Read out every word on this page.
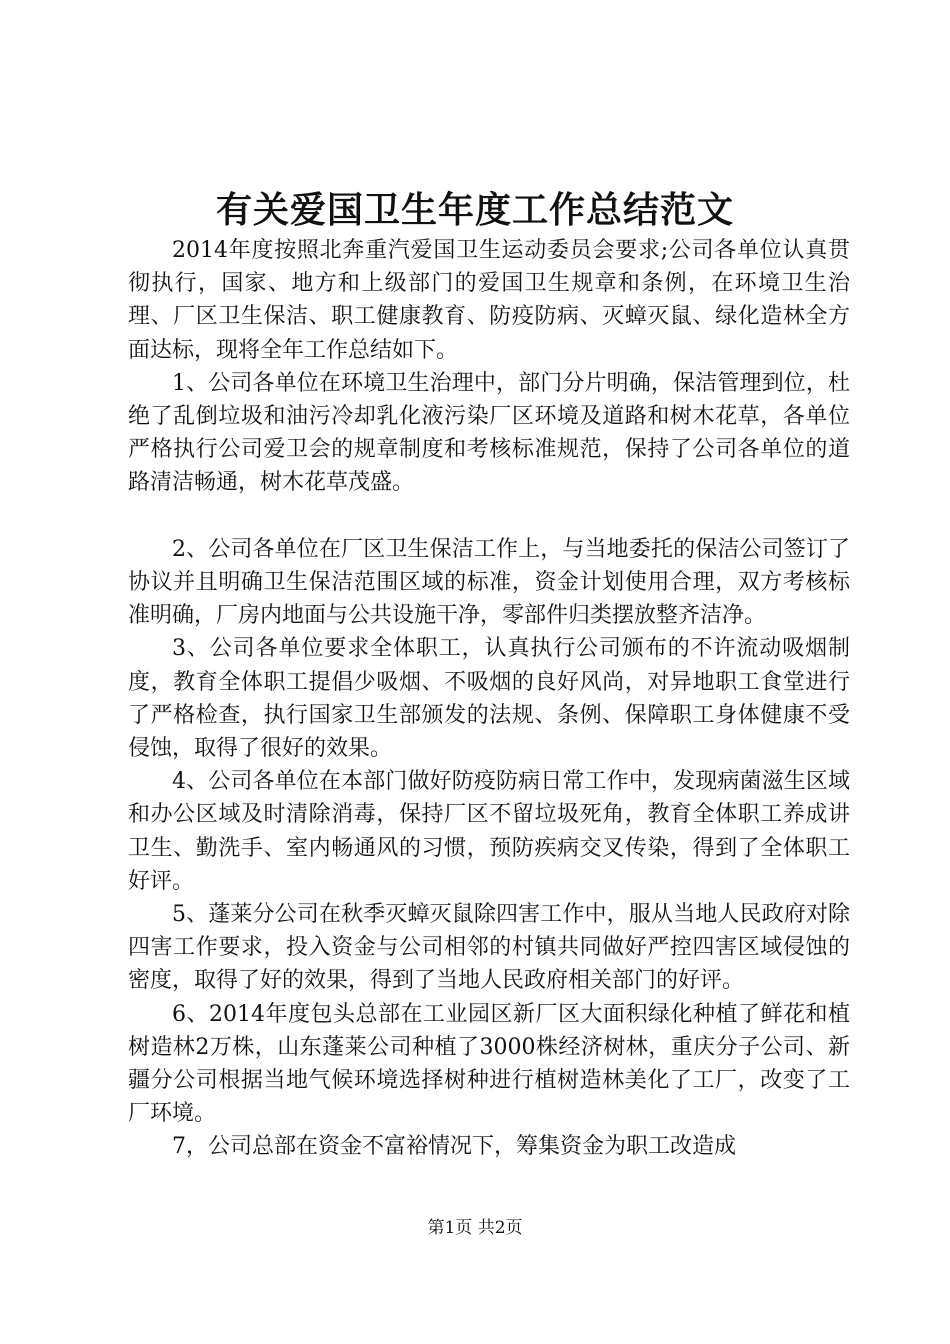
有关爱国卫生年度工作总结范文

2014年度按照北奔重汽爱国卫生运动委员会要求;公司各单位认真贯彻执行，国家、地方和上级部门的爱国卫生规章和条例，在环境卫生治理、厂区卫生保洁、职工健康教育、防疫防病、灭蟑灭鼠、绿化造林全方面达标，现将全年工作总结如下。

1、公司各单位在环境卫生治理中，部门分片明确，保洁管理到位，杜绝了乱倒垃圾和油污冷却乳化液污染厂区环境及道路和树木花草，各单位严格执行公司爱卫会的规章制度和考核标准规范，保持了公司各单位的道路清洁畅通，树木花草茂盛。

2、公司各单位在厂区卫生保洁工作上，与当地委托的保洁公司签订了协议并且明确卫生保洁范围区域的标准，资金计划使用合理，双方考核标准明确，厂房内地面与公共设施干净，零部件归类摆放整齐洁净。

3、公司各单位要求全体职工，认真执行公司颁布的不许流动吸烟制度，教育全体职工提倡少吸烟、不吸烟的良好风尚，对异地职工食堂进行了严格检查，执行国家卫生部颁发的法规、条例、保障职工身体健康不受侵蚀，取得了很好的效果。

4、公司各单位在本部门做好防疫防病日常工作中，发现病菌滋生区域和办公区域及时清除消毒，保持厂区不留垃圾死角，教育全体职工养成讲卫生、勤洗手、室内畅通风的习惯，预防疾病交叉传染，得到了全体职工好评。

5、蓬莱分公司在秋季灭蟑灭鼠除四害工作中，服从当地人民政府对除四害工作要求，投入资金与公司相邻的村镇共同做好严控四害区域侵蚀的密度，取得了好的效果，得到了当地人民政府相关部门的好评。

6、2014年度包头总部在工业园区新厂区大面积绿化种植了鲜花和植树造林2万株，山东蓬莱公司种植了3000株经济树林，重庆分子公司、新疆分公司根据当地气候环境选择树种进行植树造林美化了工厂，改变了工厂环境。

7，公司总部在资金不富裕情况下，筹集资金为职工改造成

第1页 共2页
